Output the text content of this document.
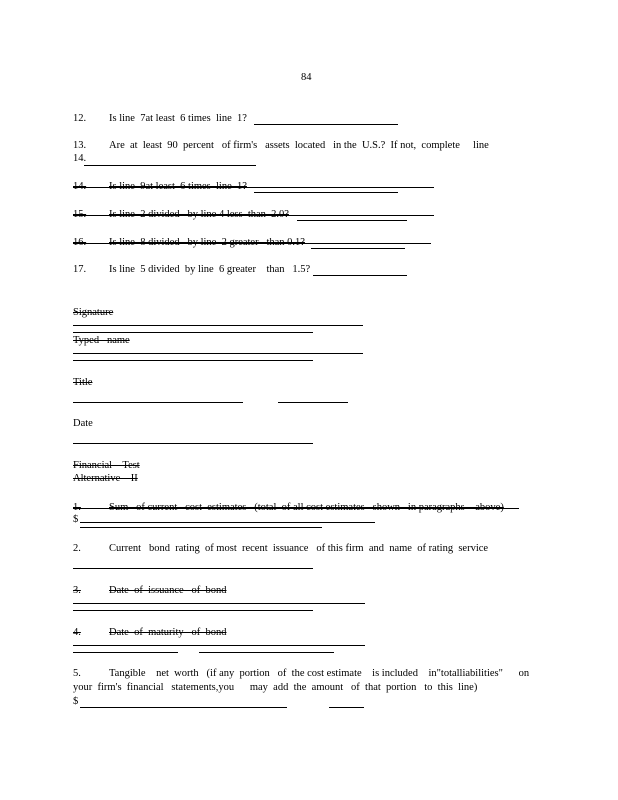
84
12. Is line  7at least  6 times  line  1?
13. Are  at  least  90  percent   of firm's   assets  located   in the  U.S.?  If not,  complete     line
14.
14. Is line  9at least  6 times  line  1?
15. Is line  2 divided   by line 4 less  than  2.0?
16. Is line  8 divided   by line  2 greater   than 0.1?
17. Is line  5 divided  by line  6 greater    than   1.5?
Signature
Typed   name
Title
Date
Financial    Test
Alternative    II
1.	Sum   of current   cost  estimates   (total  of all cost estimates   shown   in paragraphs    above)
$
2.	Current   bond  rating  of most  recent  issuance   of this firm  and  name  of rating  service
3.	Date  of  issuance   of  bond
4.	Date  of  maturity   of  bond
5.	Tangible    net  worth   (if any  portion   of  the cost estimate    is included    in"totalliabilities"      on
your  firm's  financial   statements,you      may  add  the  amount   of  that  portion   to  this  line)
$
